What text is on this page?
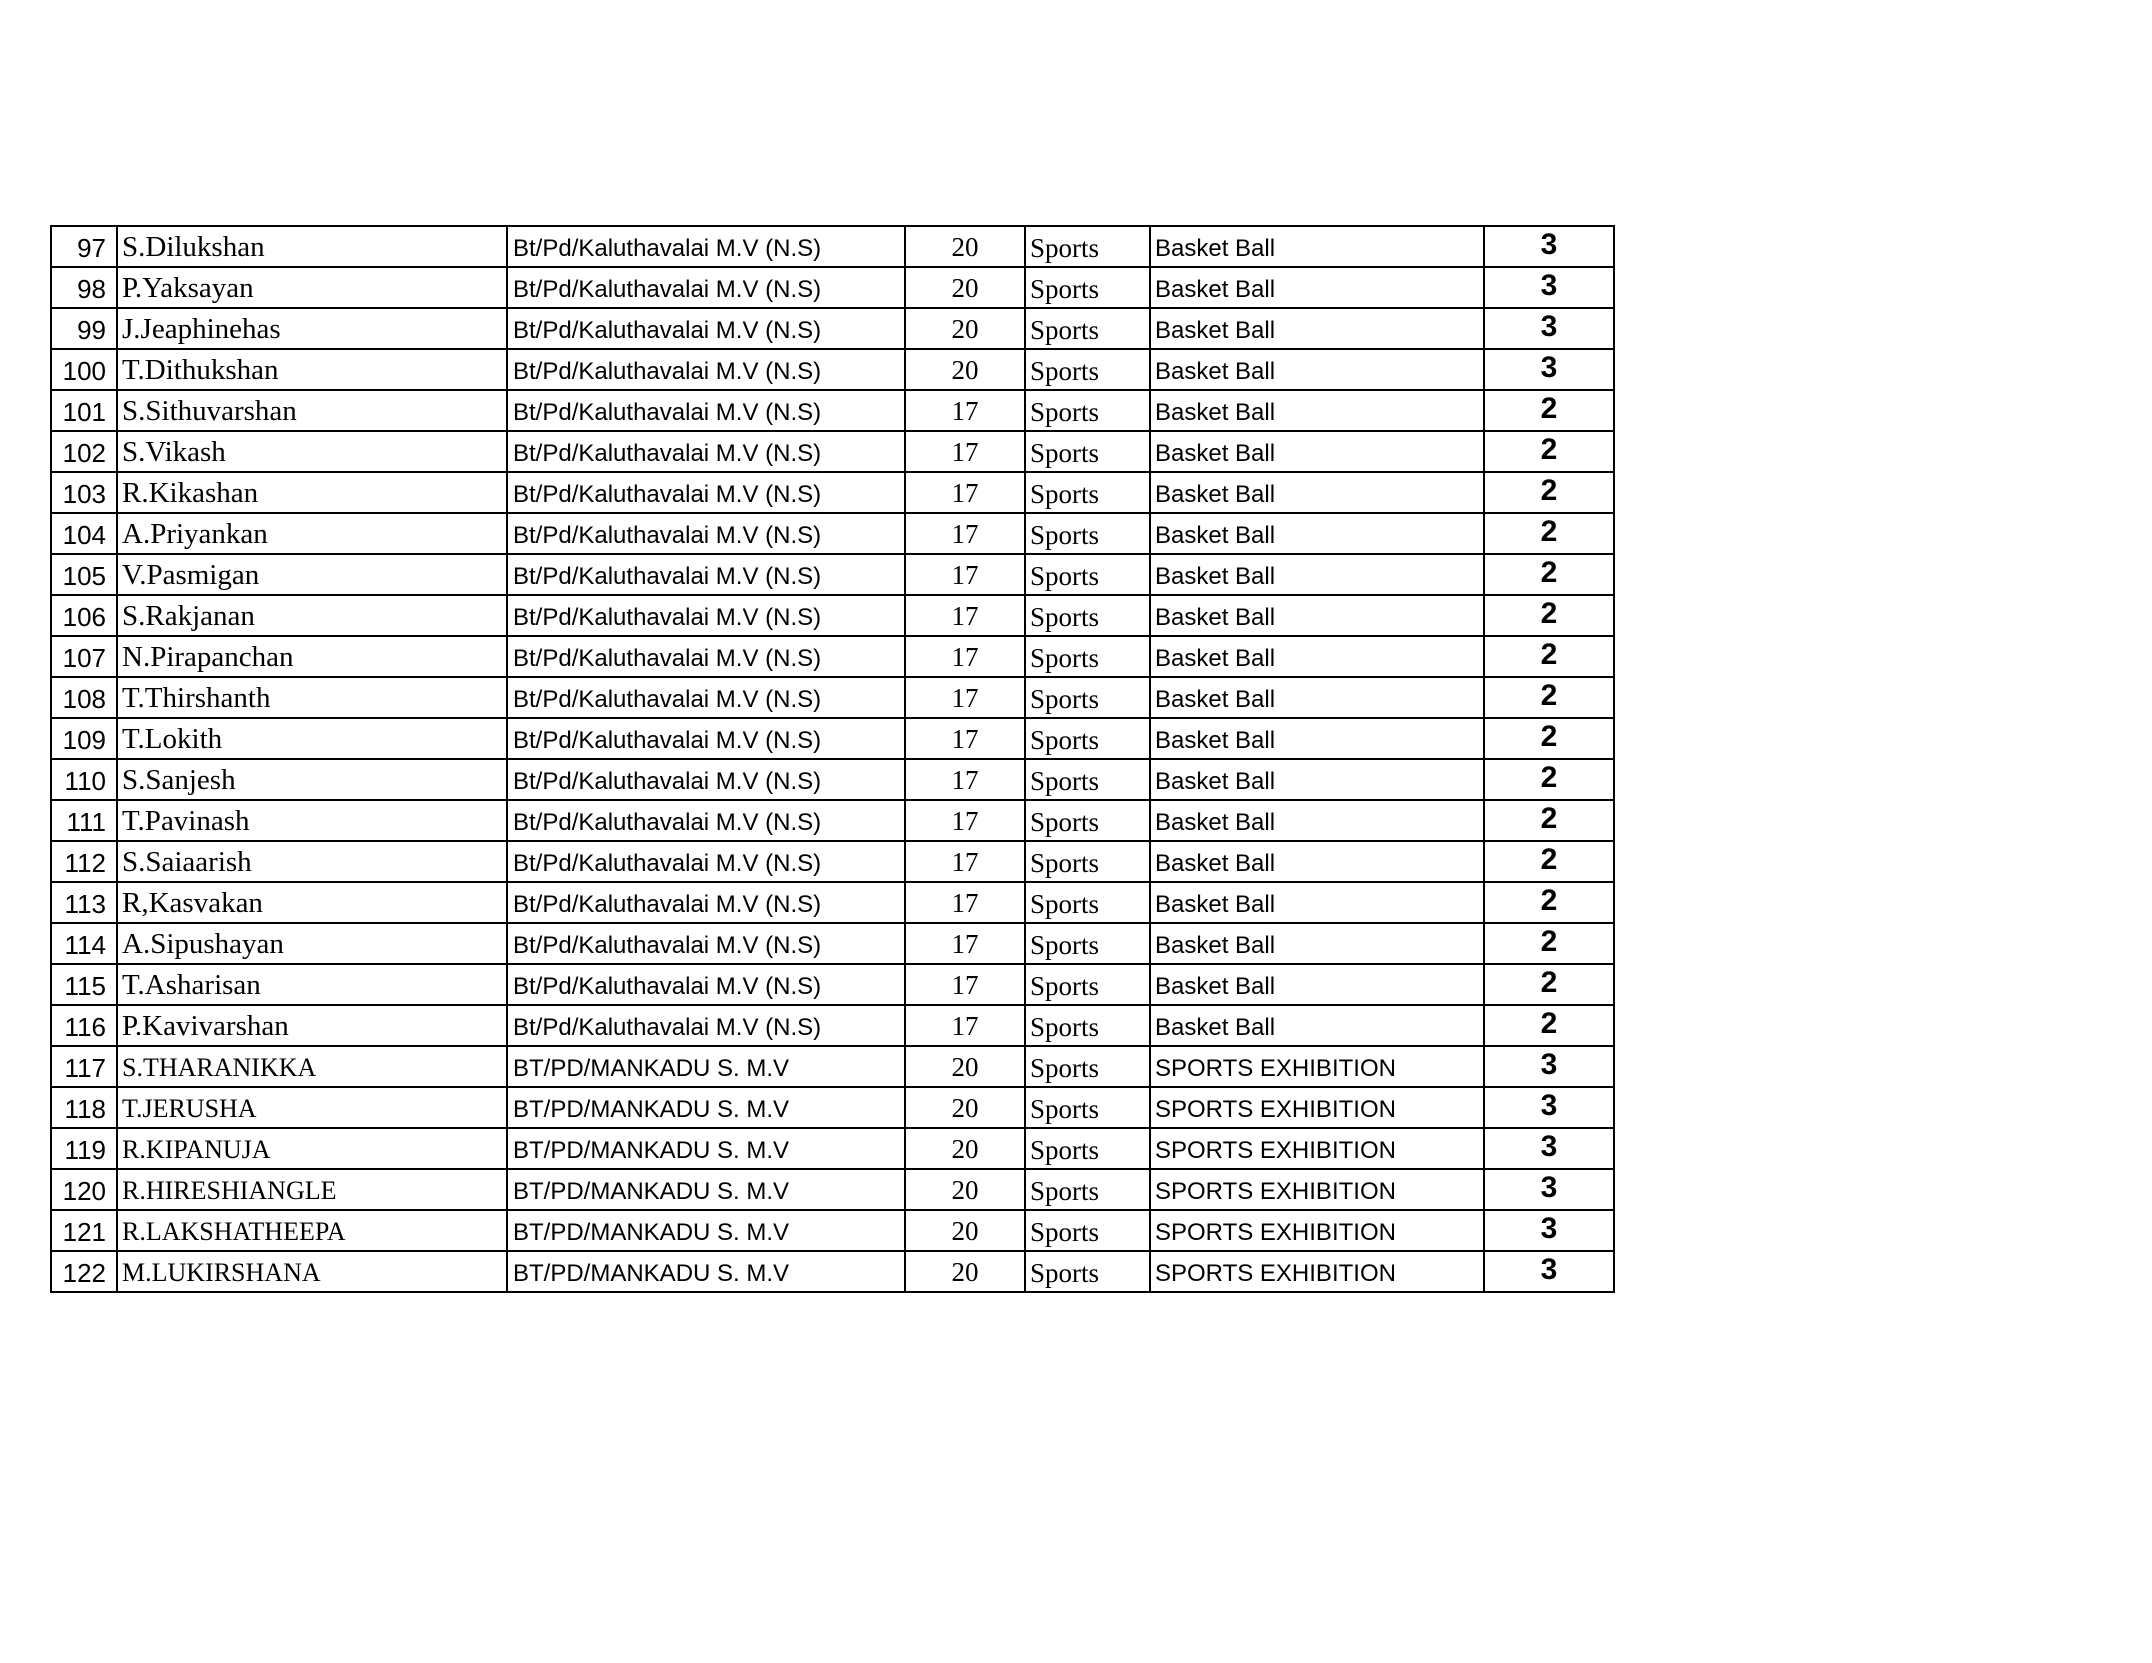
97	S.Dilukshan	Bt/Pd/Kaluthavalai M.V (N.S)	20	Sports	Basket Ball	3
98	P.Yaksayan	Bt/Pd/Kaluthavalai M.V (N.S)	20	Sports	Basket Ball	3
99	J.Jeaphinehas	Bt/Pd/Kaluthavalai M.V (N.S)	20	Sports	Basket Ball	3
100	T.Dithukshan	Bt/Pd/Kaluthavalai M.V (N.S)	20	Sports	Basket Ball	3
101	S.Sithuvarshan	Bt/Pd/Kaluthavalai M.V (N.S)	17	Sports	Basket Ball	2
102	S.Vikash	Bt/Pd/Kaluthavalai M.V (N.S)	17	Sports	Basket Ball	2
103	R.Kikashan	Bt/Pd/Kaluthavalai M.V (N.S)	17	Sports	Basket Ball	2
104	A.Priyankan	Bt/Pd/Kaluthavalai M.V (N.S)	17	Sports	Basket Ball	2
105	V.Pasmigan	Bt/Pd/Kaluthavalai M.V (N.S)	17	Sports	Basket Ball	2
106	S.Rakjanan	Bt/Pd/Kaluthavalai M.V (N.S)	17	Sports	Basket Ball	2
107	N.Pirapanchan	Bt/Pd/Kaluthavalai M.V (N.S)	17	Sports	Basket Ball	2
108	T.Thirshanth	Bt/Pd/Kaluthavalai M.V (N.S)	17	Sports	Basket Ball	2
109	T.Lokith	Bt/Pd/Kaluthavalai M.V (N.S)	17	Sports	Basket Ball	2
110	S.Sanjesh	Bt/Pd/Kaluthavalai M.V (N.S)	17	Sports	Basket Ball	2
111	T.Pavinash	Bt/Pd/Kaluthavalai M.V (N.S)	17	Sports	Basket Ball	2
112	S.Saiaarish	Bt/Pd/Kaluthavalai M.V (N.S)	17	Sports	Basket Ball	2
113	R,Kasvakan	Bt/Pd/Kaluthavalai M.V (N.S)	17	Sports	Basket Ball	2
114	A.Sipushayan	Bt/Pd/Kaluthavalai M.V (N.S)	17	Sports	Basket Ball	2
115	T.Asharisan	Bt/Pd/Kaluthavalai M.V (N.S)	17	Sports	Basket Ball	2
116	P.Kavivarshan	Bt/Pd/Kaluthavalai M.V (N.S)	17	Sports	Basket Ball	2
117	S.THARANIKKA	BT/PD/MANKADU S. M.V	20	Sports	SPORTS EXHIBITION	3
118	T.JERUSHA	BT/PD/MANKADU S. M.V	20	Sports	SPORTS EXHIBITION	3
119	R.KIPANUJA	BT/PD/MANKADU S. M.V	20	Sports	SPORTS EXHIBITION	3
120	R.HIRESHIANGLE	BT/PD/MANKADU S. M.V	20	Sports	SPORTS EXHIBITION	3
121	R.LAKSHATHEEPA	BT/PD/MANKADU S. M.V	20	Sports	SPORTS EXHIBITION	3
122	M.LUKIRSHANA	BT/PD/MANKADU S. M.V	20	Sports	SPORTS EXHIBITION	3
